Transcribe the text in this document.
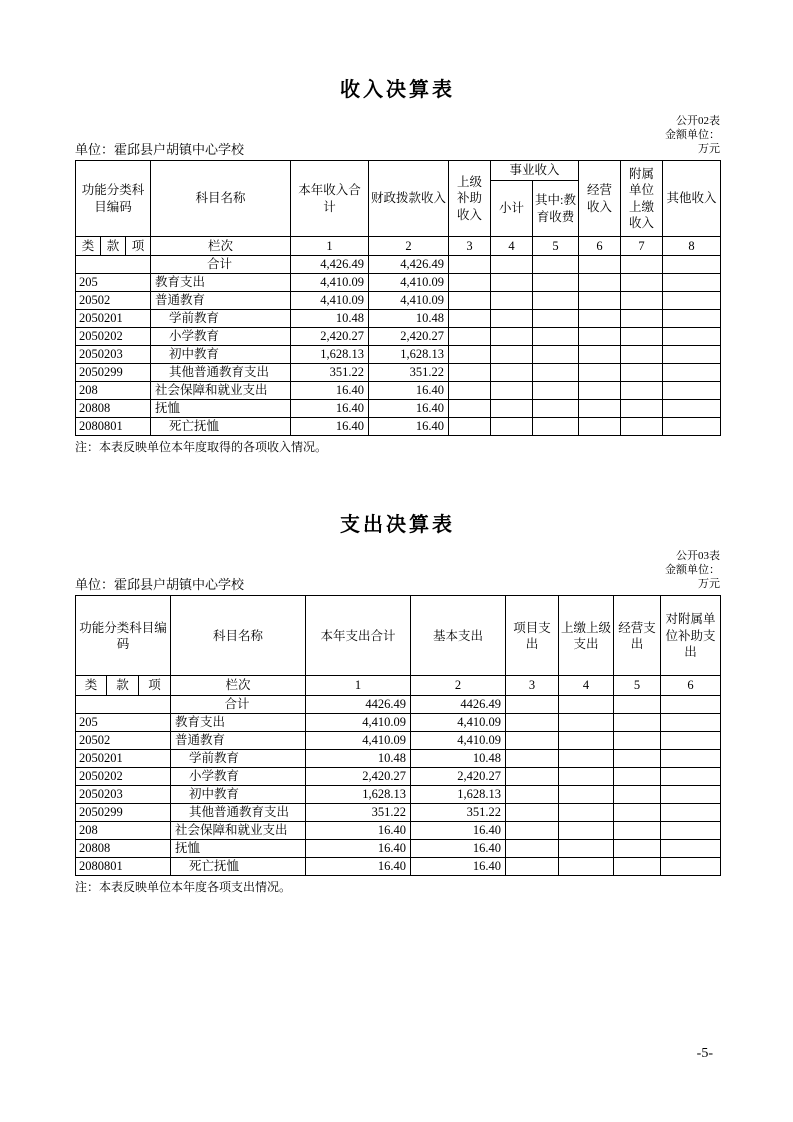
收入决算表
公开02表
金额单位：
万元
单位：霍邱县户胡镇中心学校
功能分类科目编码			科目名称	本年收入合计	财政拨款收入	上级补助收入	事业收入		经营收入	附属单位上缴收入	其他收入
							小计	其中:教育收费			
类	款	项	栏次	1	2	3	4	5	6	7	8
			合计	4,426.49	4,426.49						
205			教育支出	4,410.09	4,410.09						
20502			普通教育	4,410.09	4,410.09						
2050201			学前教育	10.48	10.48						
2050202			小学教育	2,420.27	2,420.27						
2050203			初中教育	1,628.13	1,628.13						
2050299			其他普通教育支出	351.22	351.22						
208			社会保障和就业支出	16.40	16.40						
20808			抚恤	16.40	16.40						
2080801			死亡抚恤	16.40	16.40						
注：本表反映单位本年度取得的各项收入情况。
支出决算表
公开03表
金额单位：
万元
单位：霍邱县户胡镇中心学校
功能分类科目编码			科目名称	本年支出合计	基本支出	项目支出	上缴上级支出	经营支出	对附属单位补助支出
类	款	项	栏次	1	2	3	4	5	6
			合计	4426.49	4426.49				
205			教育支出	4,410.09	4,410.09				
20502			普通教育	4,410.09	4,410.09				
2050201			学前教育	10.48	10.48				
2050202			小学教育	2,420.27	2,420.27				
2050203			初中教育	1,628.13	1,628.13				
2050299			其他普通教育支出	351.22	351.22				
208			社会保障和就业支出	16.40	16.40				
20808			抚恤	16.40	16.40				
2080801			死亡抚恤	16.40	16.40				
注：本表反映单位本年度各项支出情况。
-5-
